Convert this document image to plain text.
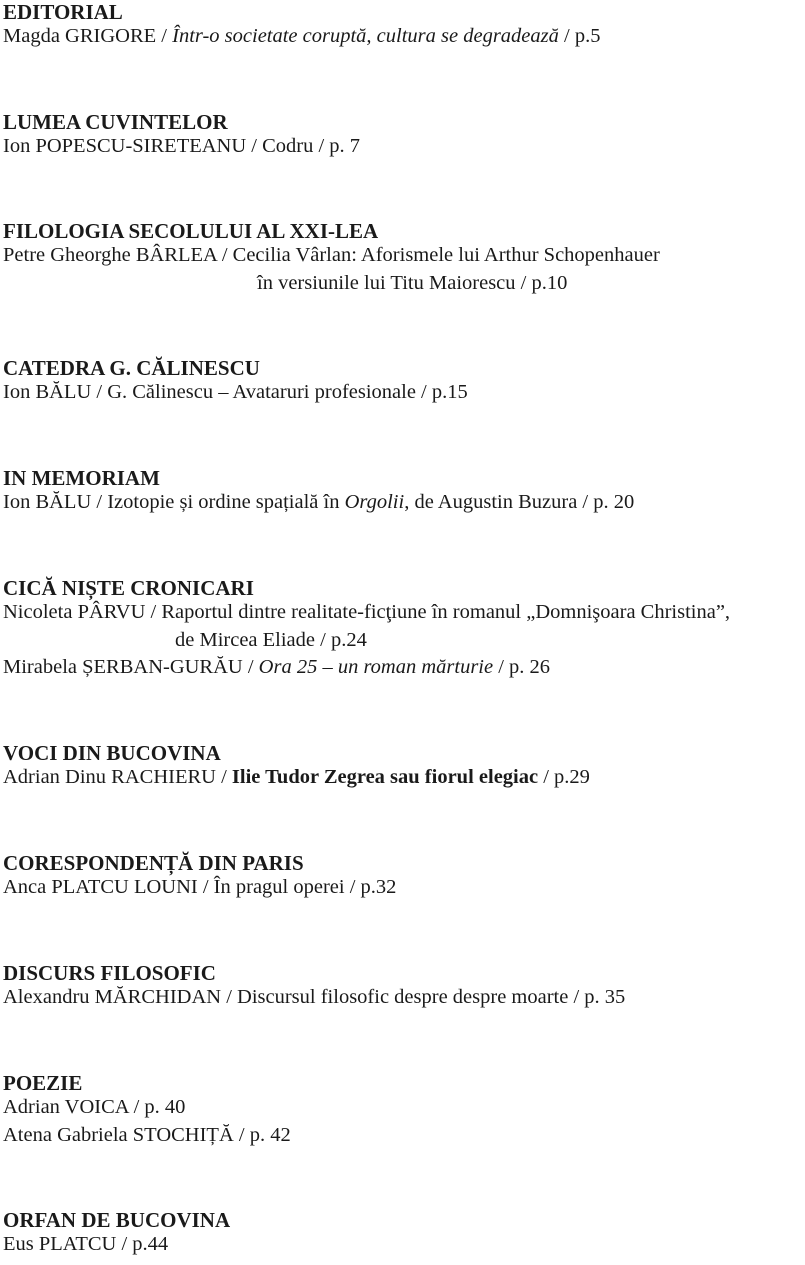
EDITORIAL
Magda GRIGORE / Într-o societate coruptă, cultura se degradează / p.5
LUMEA CUVINTELOR
Ion POPESCU-SIRETEANU / Codru / p. 7
FILOLOGIA SECOLULUI AL XXI-LEA
Petre Gheorghe BÂRLEA / Cecilia Vârlan: Aforismele lui Arthur Schopenhauer
în versiunile lui Titu Maiorescu / p.10
CATEDRA G. CĂLINESCU
Ion BĂLU / G. Călinescu – Avataruri profesionale / p.15
IN MEMORIAM
Ion BĂLU / Izotopie și ordine spațială în Orgolii, de Augustin Buzura / p. 20
CICĂ NIȘTE CRONICARI
Nicoleta PÂRVU / Raportul dintre realitate-ficţiune în romanul „Domnişoara Christina”,
de Mircea Eliade / p.24
Mirabela ȘERBAN-GURĂU / Ora 25 – un roman mărturie / p. 26
VOCI DIN BUCOVINA
Adrian Dinu RACHIERU / Ilie Tudor Zegrea sau fiorul elegiac / p.29
CORESPONDENȚĂ DIN PARIS
Anca PLATCU LOUNI / În pragul operei / p.32
DISCURS FILOSOFIC
Alexandru MĂRCHIDAN / Discursul filosofic despre despre moarte / p. 35
POEZIE
Adrian VOICA / p. 40
Atena Gabriela STOCHIȚĂ / p. 42
ORFAN DE BUCOVINA
Eus PLATCU / p.44
